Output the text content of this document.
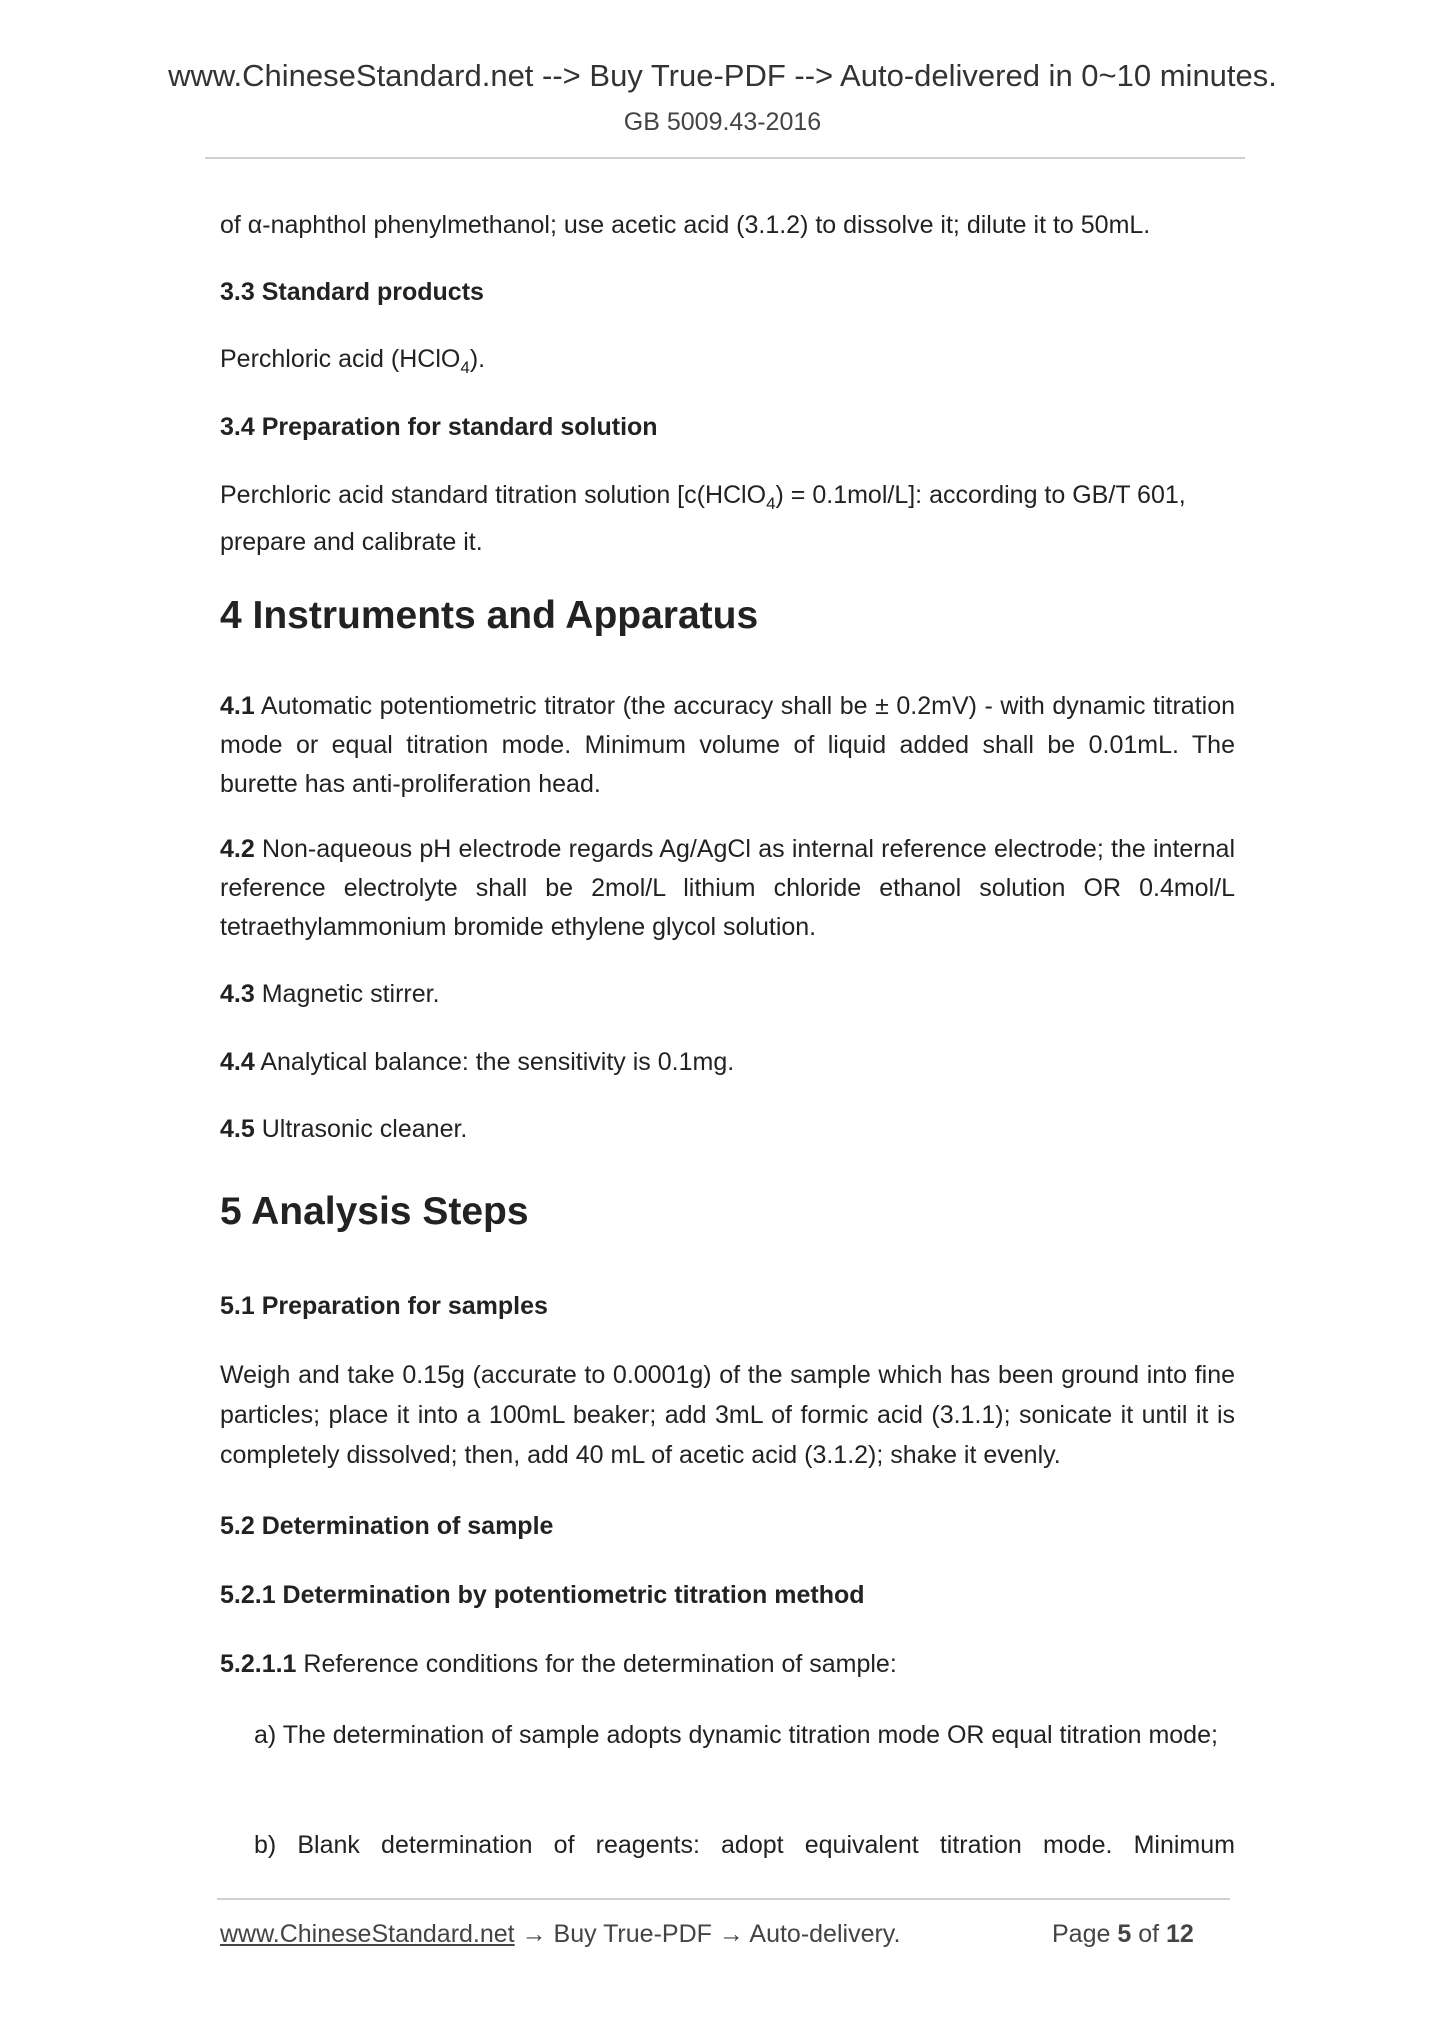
www.ChineseStandard.net --> Buy True-PDF --> Auto-delivered in 0~10 minutes.
GB 5009.43-2016

of α-naphthol phenylmethanol; use acetic acid (3.1.2) to dissolve it; dilute it to 50mL.

3.3 Standard products

Perchloric acid (HClO$_4$).

3.4 Preparation for standard solution

Perchloric acid standard titration solution [c(HClO$_4$) = 0.1mol/L]: according to GB/T 601, prepare and calibrate it.

4 Instruments and Apparatus

4.1 Automatic potentiometric titrator (the accuracy shall be ± 0.2mV) - with dynamic titration mode or equal titration mode. Minimum volume of liquid added shall be 0.01mL. The burette has anti-proliferation head.

4.2 Non-aqueous pH electrode regards Ag/AgCl as internal reference electrode; the internal reference electrolyte shall be 2mol/L lithium chloride ethanol solution OR 0.4mol/L tetraethylammonium bromide ethylene glycol solution.

4.3 Magnetic stirrer.

4.4 Analytical balance: the sensitivity is 0.1mg.

4.5 Ultrasonic cleaner.

5 Analysis Steps

5.1 Preparation for samples

Weigh and take 0.15g (accurate to 0.0001g) of the sample which has been ground into fine particles; place it into a 100mL beaker; add 3mL of formic acid (3.1.1); sonicate it until it is completely dissolved; then, add 40 mL of acetic acid (3.1.2); shake it evenly.

5.2 Determination of sample

5.2.1 Determination by potentiometric titration method

5.2.1.1 Reference conditions for the determination of sample:

a) The determination of sample adopts dynamic titration mode OR equal titration mode;

b) Blank determination of reagents: adopt equivalent titration mode. Minimum

www.ChineseStandard.net → Buy True-PDF → Auto-delivery.	Page 5 of 12
